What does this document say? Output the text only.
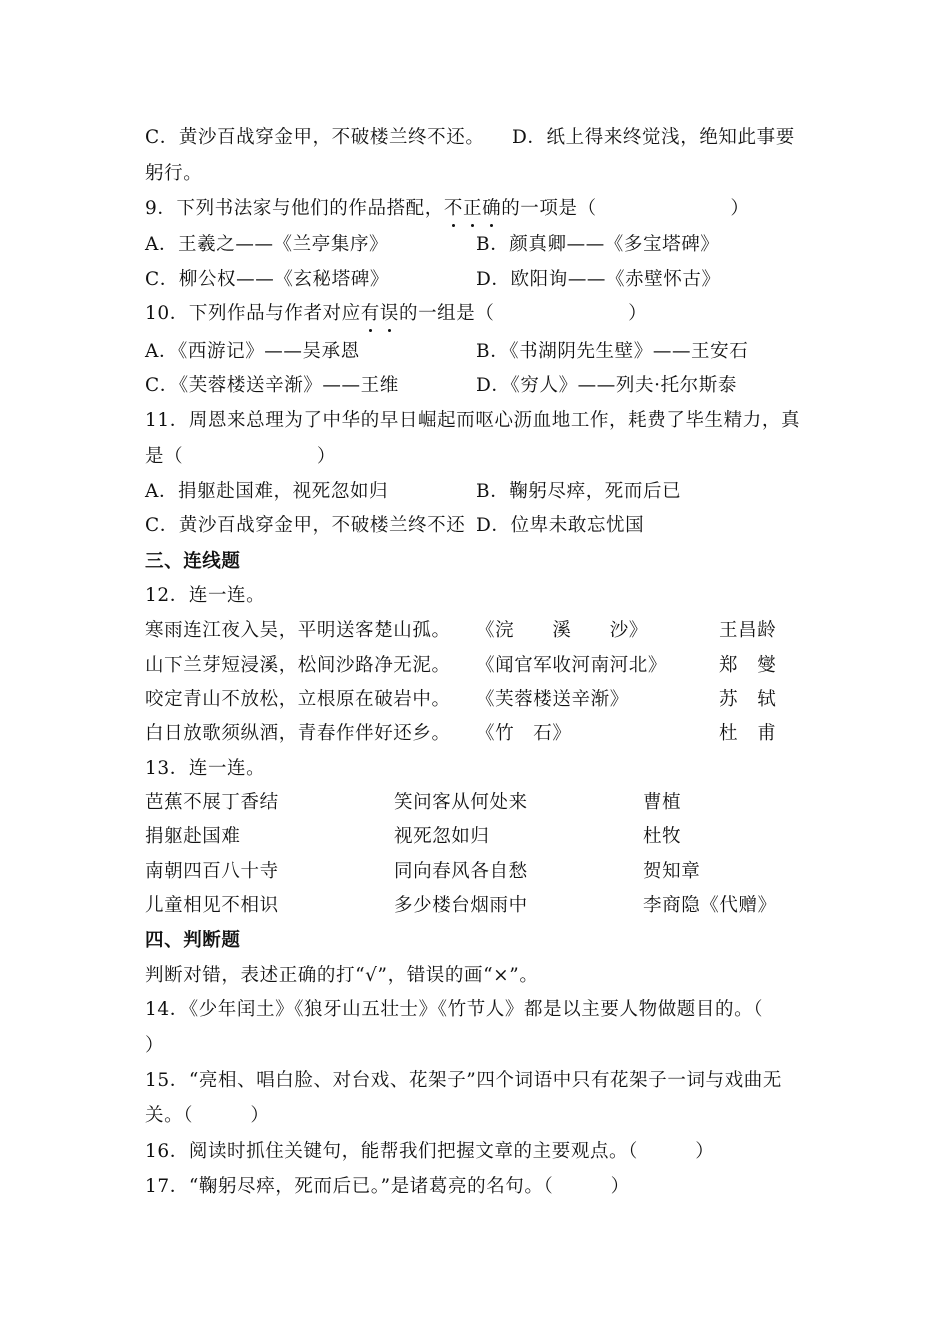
C．黄沙百战穿金甲，不破楼兰终不还。 D．纸上得来终觉浅，绝知此事要
躬行。
9．下列书法家与他们的作品搭配，不正确的一项是（　　　　　　　）
A．王羲之——《兰亭集序》	B．颜真卿——《多宝塔碑》
C．柳公权——《玄秘塔碑》	D．欧阳询——《赤壁怀古》
10．下列作品与作者对应有误的一组是（　　　　　　　）
A．《西游记》——吴承恩	B．《书湖阴先生壁》——王安石
C．《芙蓉楼送辛渐》——王维	D．《穷人》——列夫·托尔斯泰
11．周恩来总理为了中华的早日崛起而呕心沥血地工作，耗费了毕生精力，真
是（　　　　　　　）
A．捐躯赴国难，视死忽如归	B．鞠躬尽瘁，死而后已
C．黄沙百战穿金甲，不破楼兰终不还 D．位卑未敢忘忧国
三、连线题
12．连一连。
寒雨连江夜入吴，平明送客楚山孤。 《浣　　溪　　沙》	王昌龄
山下兰芽短浸溪，松间沙路净无泥。 《闻官军收河南河北》	郑　燮
咬定青山不放松，立根原在破岩中。 《芙蓉楼送辛渐》	苏　轼
白日放歌须纵酒，青春作伴好还乡。 《竹　石》	杜　甫
13．连一连。
芭蕉不展丁香结	笑问客从何处来	曹植
捐躯赴国难	视死忽如归	杜牧
南朝四百八十寺	同向春风各自愁	贺知章
儿童相见不相识	多少楼台烟雨中	李商隐《代赠》
四、判断题
判断对错，表述正确的打“√”，错误的画“×”。
14．《少年闰土》《狼牙山五壮士》《竹节人》都是以主要人物做题目的。（
）
15．“亮相、唱白脸、对台戏、花架子”四个词语中只有花架子一词与戏曲无
关。（　　　）
16．阅读时抓住关键句，能帮我们把握文章的主要观点。（　　　）
17．“鞠躬尽瘁，死而后已。”是诸葛亮的名句。（　　　）
